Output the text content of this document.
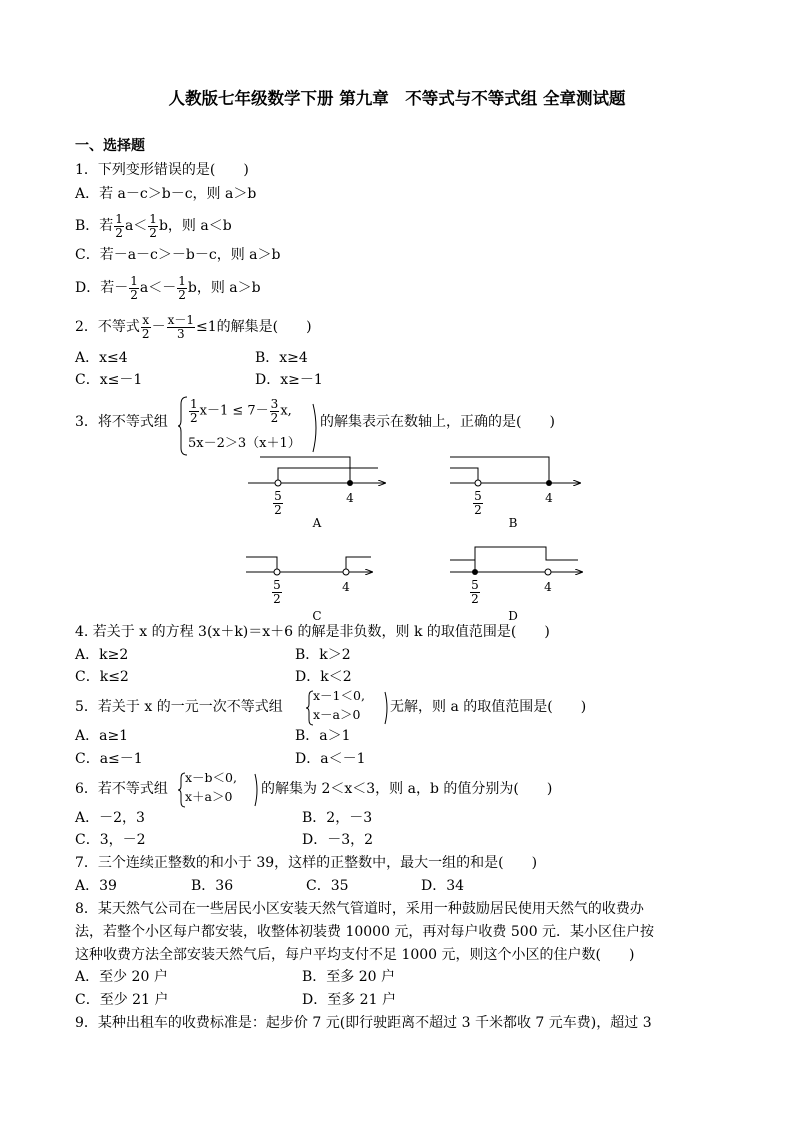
人教版七年级数学下册 第九章　不等式与不等式组 全章测试题
一、选择题
1．下列变形错误的是(　　)
A．若 a－c＞b－c，则 a＞b
B．若 $\frac{1}{2} a< \frac{1}{2}$ b，则 a＜b
C．若－a－c＞－b－c，则 a＞b
D．若－ $\frac{1}{2} a<- \frac{1}{2}$ b，则 a＞b
2．不等式 $\frac{x}{2} - \frac{x-1}{3} \le 1$的解集是(　　)
A．x≤4	B．x≥4
C．x≤－1	D．x≥－1
3．将不等式组 $\frac{1}{2} x-1 \le 7- \frac{3}{2} x$,
5x－2＞3（x＋1）
的解集表示在数轴上，正确的是(　　)
$\frac{5}{2}$	4
A
$\frac{5}{2}$	4
B
$\frac{5}{2}$	4
C
$\frac{5}{2}$	4
D
4. 若关于 x 的方程 3(x＋k)＝x＋6 的解是非负数，则 k 的取值范围是(　　)
A．k≥2	B．k＞2
C．k≤2	D．k＜2
5．若关于 x 的一元一次不等式组
x－1＜0,
x－a＞0 无解，则 a 的取值范围是(　　)
A．a≥1	B．a＞1
C．a≤－1	D．a＜－1
6．若不等式组
x－b＜0,
x＋a＞0 的解集为 2＜x＜3，则 a，b 的值分别为(　　)
A．－2，3	B．2，－3
C．3，－2	D．－3，2
7．三个连续正整数的和小于 39，这样的正整数中，最大一组的和是(　　)
A．39	B．36	C．35	D．34
8．某天然气公司在一些居民小区安装天然气管道时，采用一种鼓励居民使用天然气的收费办
法，若整个小区每户都安装，收整体初装费 10000 元，再对每户收费 500 元．某小区住户按
这种收费方法全部安装天然气后，每户平均支付不足 1000 元，则这个小区的住户数(　　)
A．至少 20 户	B．至多 20 户
C．至少 21 户	D．至多 21 户
9．某种出租车的收费标准是：起步价 7 元(即行驶距离不超过 3 千米都收 7 元车费)，超过 3
